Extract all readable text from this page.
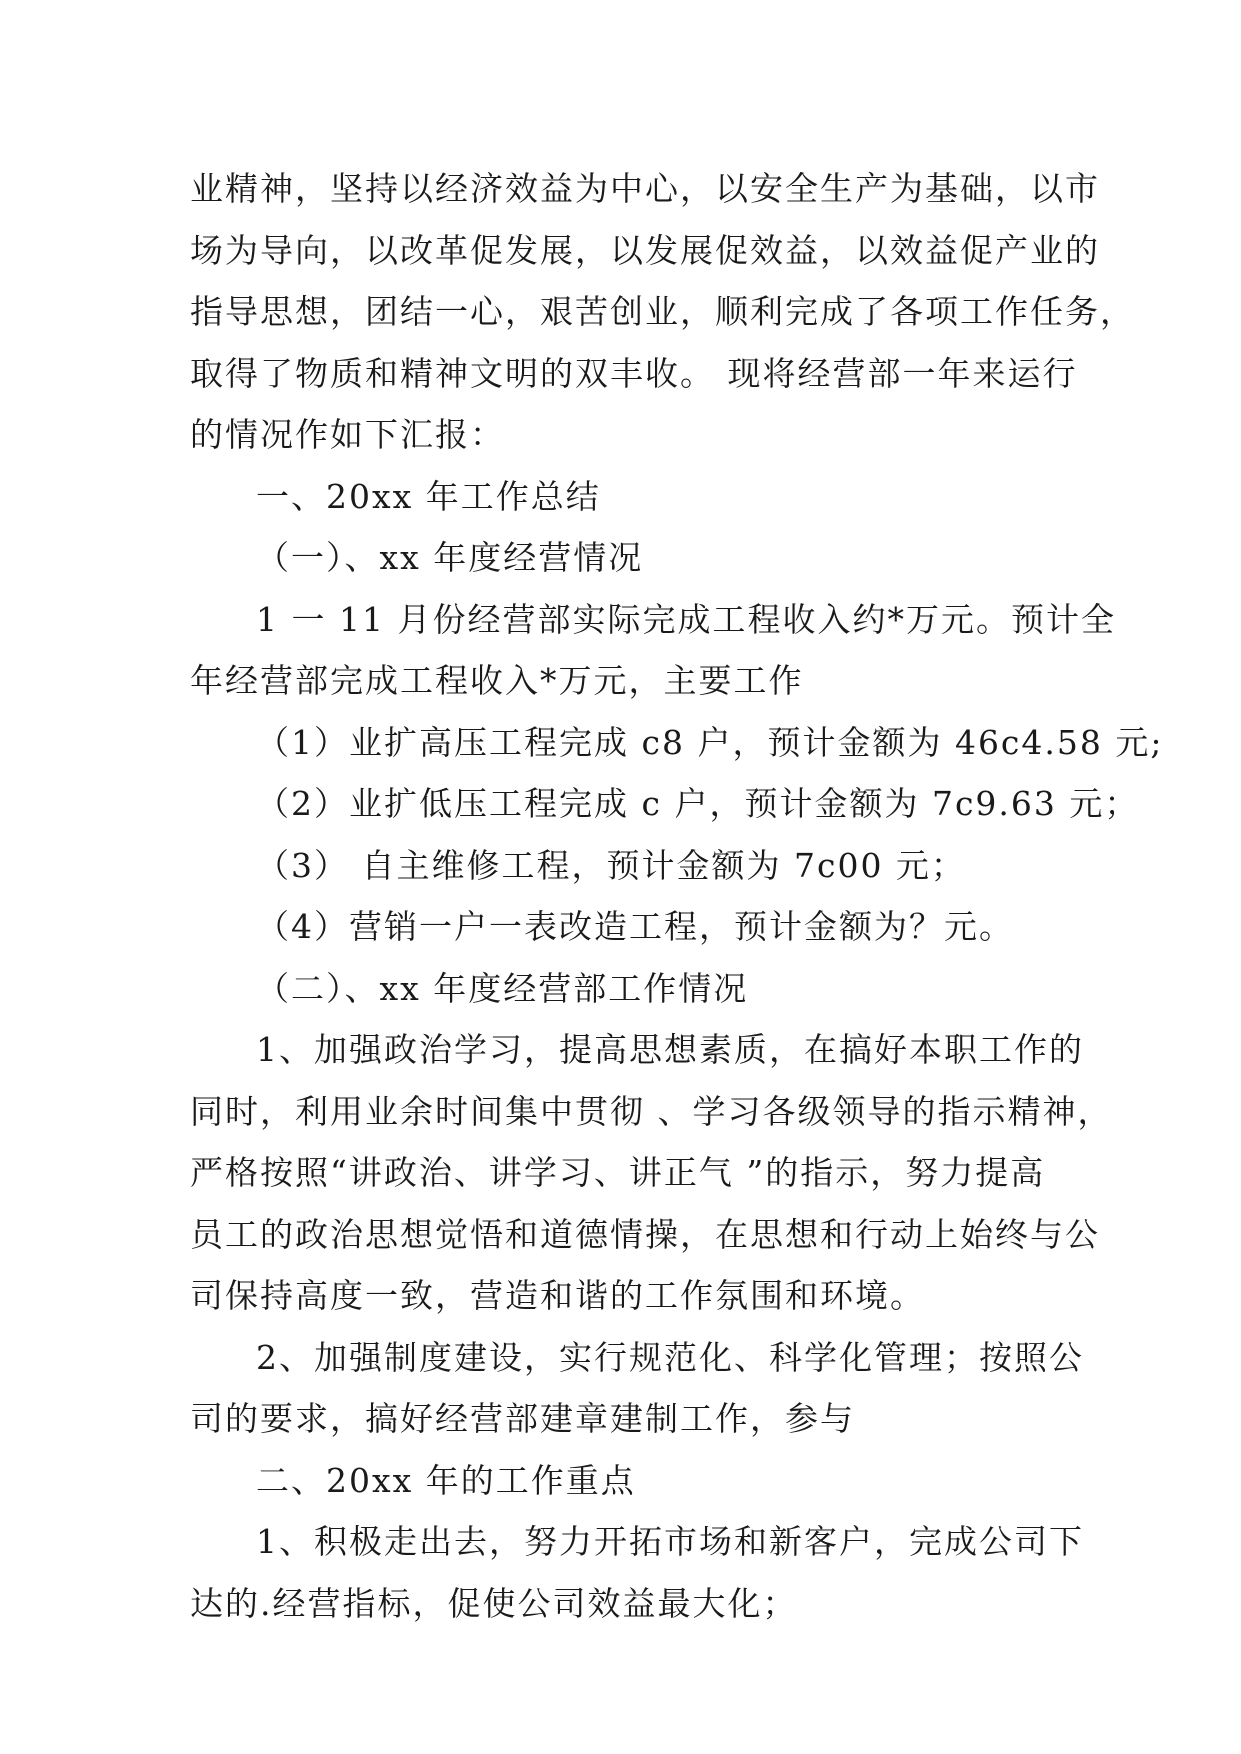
业精神，坚持以经济效益为中心，以安全生产为基础，以市
场为导向，以改革促发展，以发展促效益，以效益促产业的
指导思想，团结一心，艰苦创业，顺利完成了各项工作任务，
取得了物质和精神文明的双丰收。 现将经营部一年来运行
的情况作如下汇报：
一、20xx 年工作总结
（一）、xx 年度经营情况
1 一 11 月份经营部实际完成工程收入约*万元。预计全
年经营部完成工程收入*万元，主要工作
（1）业扩高压工程完成 c8 户，预计金额为 46c4.58 元;
（2）业扩低压工程完成 c 户，预计金额为 7c9.63 元；
（3） 自主维修工程，预计金额为 7c00 元；
（4）营销一户一表改造工程，预计金额为？元。
（二）、xx 年度经营部工作情况
1、加强政治学习，提高思想素质，在搞好本职工作的
同时，利用业余时间集中贯彻 、学习各级领导的指示精神，
严格按照“讲政治、讲学习、讲正气 ”的指示，努力提高
员工的政治思想觉悟和道德情操，在思想和行动上始终与公
司保持高度一致，营造和谐的工作氛围和环境。
2、加强制度建设，实行规范化、科学化管理；按照公
司的要求，搞好经营部建章建制工作，参与
二、20xx 年的工作重点
1、积极走出去，努力开拓市场和新客户，完成公司下
达的.经营指标，促使公司效益最大化；
